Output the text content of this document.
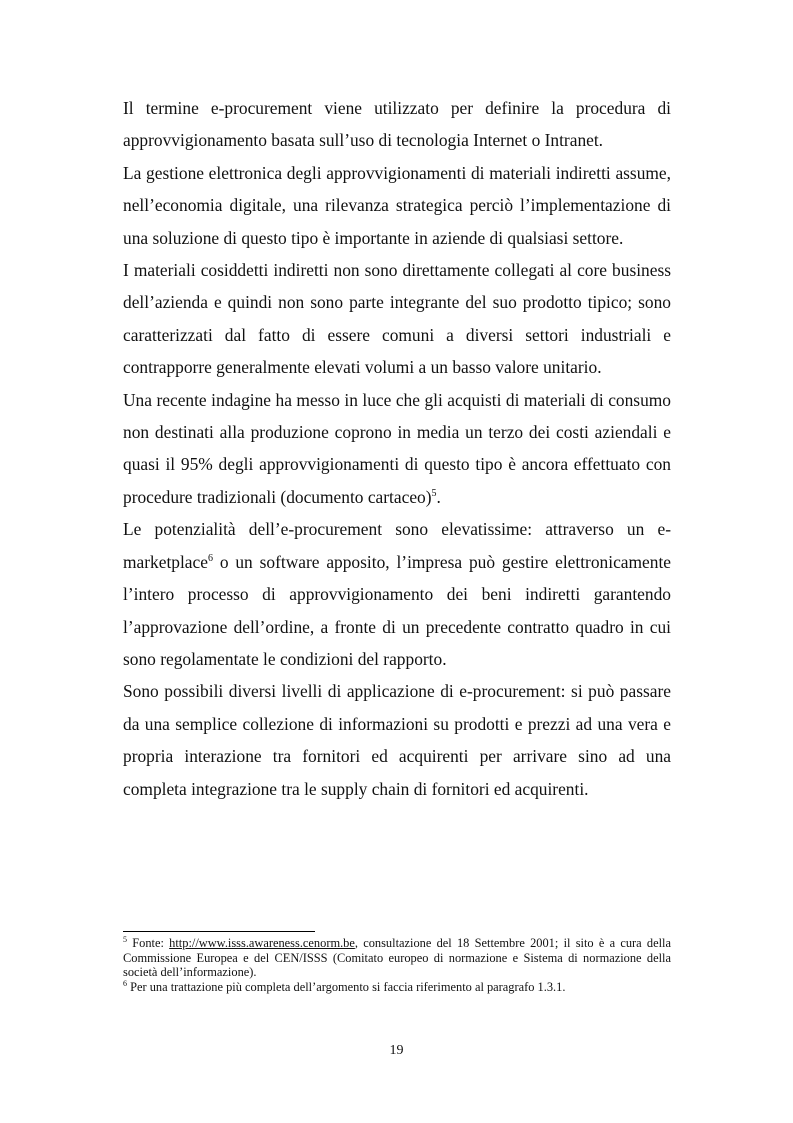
Il termine e-procurement viene utilizzato per definire la procedura di approvvigionamento basata sull’uso di tecnologia Internet o Intranet.

La gestione elettronica degli approvvigionamenti di materiali indiretti assume, nell’economia digitale, una rilevanza strategica perciò l’implementazione di una soluzione di questo tipo è importante in aziende di qualsiasi settore.

I materiali cosiddetti indiretti non sono direttamente collegati al core business dell’azienda e quindi non sono parte integrante del suo prodotto tipico; sono caratterizzati dal fatto di essere comuni a diversi settori industriali e contrapporre generalmente elevati volumi a un basso valore unitario.

Una recente indagine ha messo in luce che gli acquisti di materiali di consumo non destinati alla produzione coprono in media un terzo dei costi aziendali e quasi il 95% degli approvvigionamenti di questo tipo è ancora effettuato con procedure tradizionali (documento cartaceo)$^5$.

Le potenzialità dell’e-procurement sono elevatissime: attraverso un e-marketplace$^6$ o un software apposito, l’impresa può gestire elettronicamente l’intero processo di approvvigionamento dei beni indiretti garantendo l’approvazione dell’ordine, a fronte di un precedente contratto quadro in cui sono regolamentate le condizioni del rapporto.

Sono possibili diversi livelli di applicazione di e-procurement: si può passare da una semplice collezione di informazioni su prodotti e prezzi ad una vera e propria interazione tra fornitori ed acquirenti per arrivare sino ad una completa integrazione tra le supply chain di fornitori ed acquirenti.

$^5$ Fonte: http://www.isss.awareness.cenorm.be, consultazione del 18 Settembre 2001; il sito è a cura della Commissione Europea e del CEN/ISSS (Comitato europeo di normazione e Sistema di normazione della società dell’informazione).

$^6$ Per una trattazione più completa dell’argomento si faccia riferimento al paragrafo 1.3.1.

19
